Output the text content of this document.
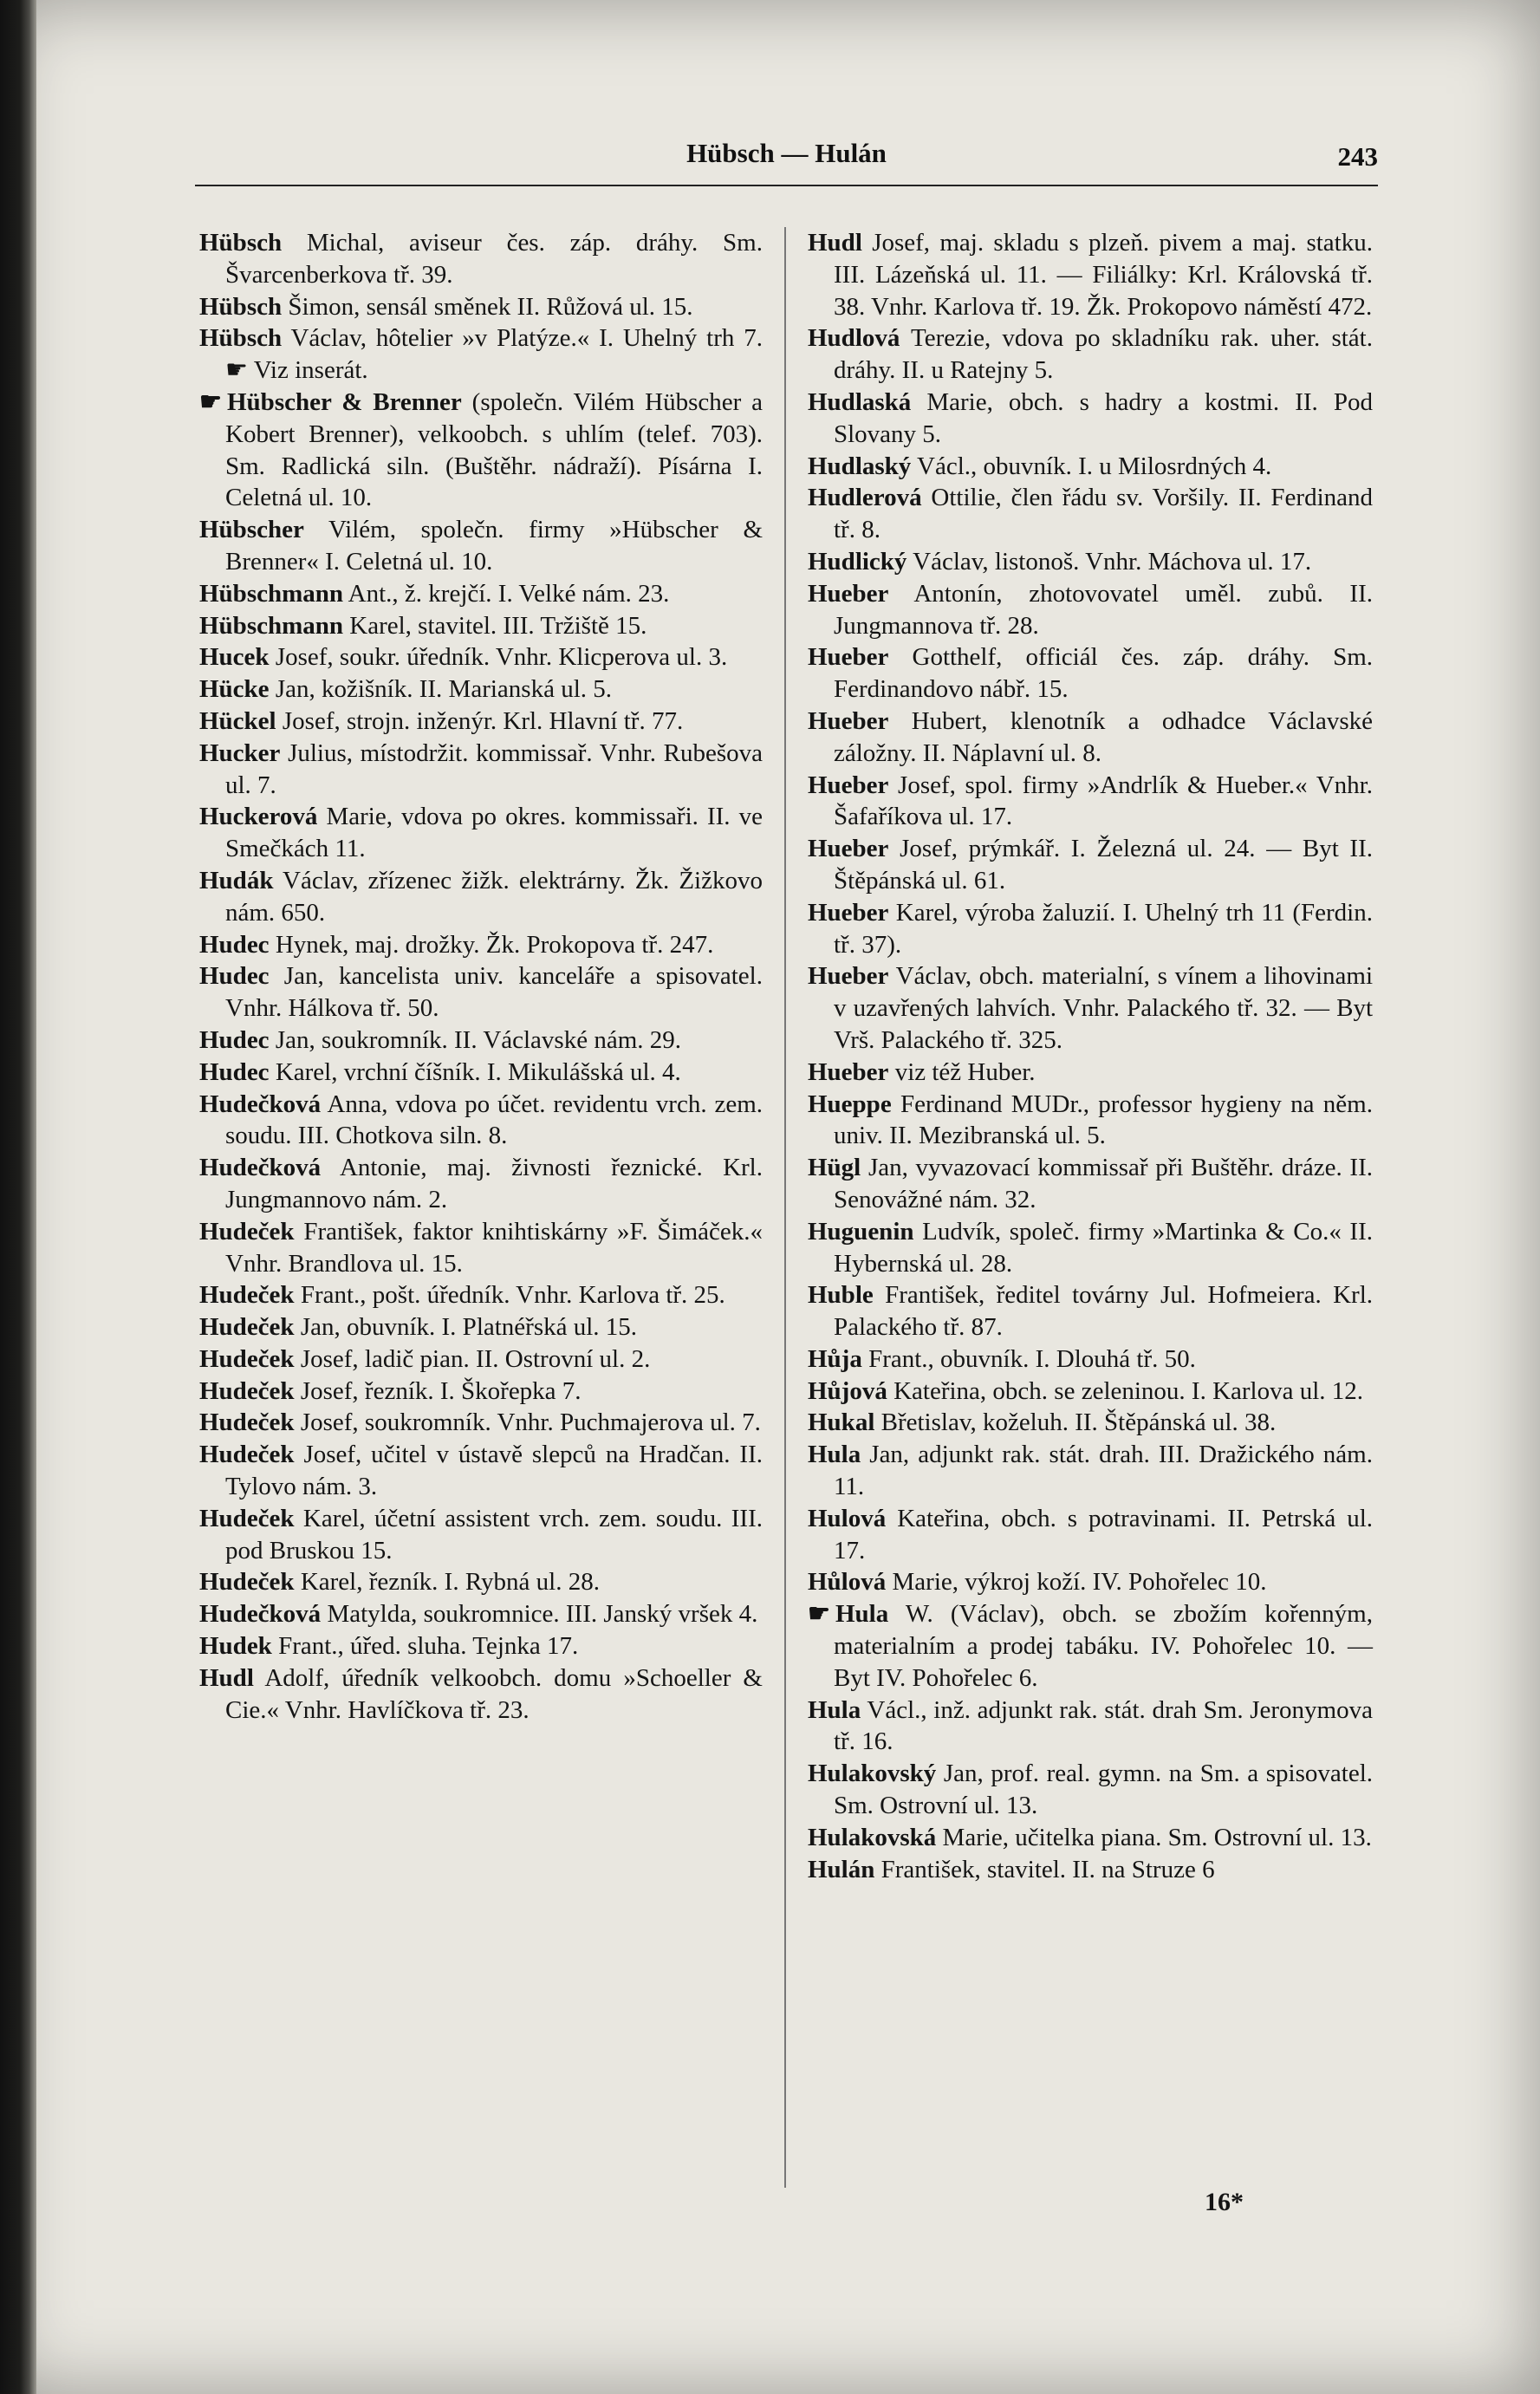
Hübsch — Hulán	243

Hübsch Michal, aviseur čes. záp. dráhy. Sm. Švarcenberkova tř. 39.

Hübsch Šimon, sensál směnek II. Růžová ul. 15.

Hübsch Václav, hôtelier »v Platýze.« I. Uhelný trh 7. ☛ Viz inserát.

☛ Hübscher & Brenner (společn. Vilém Hübscher a Kobert Brenner), velkoobch. s uhlím (telef. 703). Sm. Radlická siln. (Buštěhr. nádraží). Písárna I. Celetná ul. 10.

Hübscher Vilém, společn. firmy »Hübscher & Brenner« I. Celetná ul. 10.

Hübschmann Ant., ž. krejčí. I. Velké nám. 23.

Hübschmann Karel, stavitel. III. Tržiště 15.

Hucek Josef, soukr. úředník. Vnhr. Klicperova ul. 3.

Hücke Jan, kožišník. II. Marianská ul. 5.

Hückel Josef, strojn. inženýr. Krl. Hlavní tř. 77.

Hucker Julius, místodržit. kommissař. Vnhr. Rubešova ul. 7.

Huckerová Marie, vdova po okres. kommissaři. II. ve Smečkách 11.

Hudák Václav, zřízenec žižk. elektrárny. Žk. Žižkovo nám. 650.

Hudec Hynek, maj. drožky. Žk. Prokopova tř. 247.

Hudec Jan, kancelista univ. kanceláře a spisovatel. Vnhr. Hálkova tř. 50.

Hudec Jan, soukromník. II. Václavské nám. 29.

Hudec Karel, vrchní číšník. I. Mikulášská ul. 4.

Hudečková Anna, vdova po účet. revidentu vrch. zem. soudu. III. Chotkova siln. 8.

Hudečková Antonie, maj. živnosti řeznické. Krl. Jungmannovo nám. 2.

Hudeček František, faktor knihtiskárny »F. Šimáček.« Vnhr. Brandlova ul. 15.

Hudeček Frant., pošt. úředník. Vnhr. Karlova tř. 25.

Hudeček Jan, obuvník. I. Platnéřská ul. 15.

Hudeček Josef, ladič pian. II. Ostrovní ul. 2.

Hudeček Josef, řezník. I. Škořepka 7.

Hudeček Josef, soukromník. Vnhr. Puchmajerova ul. 7.

Hudeček Josef, učitel v ústavě slepců na Hradčan. II. Tylovo nám. 3.

Hudeček Karel, účetní assistent vrch. zem. soudu. III. pod Bruskou 15.

Hudeček Karel, řezník. I. Rybná ul. 28.

Hudečková Matylda, soukromnice. III. Janský vršek 4.

Hudek Frant., úřed. sluha. Tejnka 17.

Hudl Adolf, úředník velkoobch. domu »Schoeller & Cie.« Vnhr. Havlíčkova tř. 23.

Hudl Josef, maj. skladu s plzeň. pivem a maj. statku. III. Lázeňská ul. 11. — Filiálky: Krl. Královská tř. 38. Vnhr. Karlova tř. 19. Žk. Prokopovo náměstí 472.

Hudlová Terezie, vdova po skladníku rak. uher. stát. dráhy. II. u Ratejny 5.

Hudlaská Marie, obch. s hadry a kostmi. II. Pod Slovany 5.

Hudlaský Václ., obuvník. I. u Milosrdných 4.

Hudlerová Ottilie, člen řádu sv. Voršily. II. Ferdinand tř. 8.

Hudlický Václav, listonoš. Vnhr. Máchova ul. 17.

Hueber Antonín, zhotovovatel uměl. zubů. II. Jungmannova tř. 28.

Hueber Gotthelf, officiál čes. záp. dráhy. Sm. Ferdinandovo nábř. 15.

Hueber Hubert, klenotník a odhadce Václavské záložny. II. Náplavní ul. 8.

Hueber Josef, spol. firmy »Andrlík & Hueber.« Vnhr. Šafaříkova ul. 17.

Hueber Josef, prýmkář. I. Železná ul. 24. — Byt II. Štěpánská ul. 61.

Hueber Karel, výroba žaluzií. I. Uhelný trh 11 (Ferdin. tř. 37).

Hueber Václav, obch. materialní, s vínem a lihovinami v uzavřených lahvích. Vnhr. Palackého tř. 32. — Byt Vrš. Palackého tř. 325.

Hueber viz též Huber.

Hueppe Ferdinand MUDr., professor hygieny na něm. univ. II. Mezibranská ul. 5.

Hügl Jan, vyvazovací kommissař při Buštěhr. dráze. II. Senovážné nám. 32.

Huguenin Ludvík, společ. firmy »Martinka & Co.« II. Hybernská ul. 28.

Huble František, ředitel továrny Jul. Hofmeiera. Krl. Palackého tř. 87.

Hůja Frant., obuvník. I. Dlouhá tř. 50.

Hůjová Kateřina, obch. se zeleninou. I. Karlova ul. 12.

Hukal Břetislav, koželuh. II. Štěpánská ul. 38.

Hula Jan, adjunkt rak. stát. drah. III. Dražického nám. 11.

Hulová Kateřina, obch. s potravinami. II. Petrská ul. 17.

Hůlová Marie, výkroj koží. IV. Pohořelec 10.

☛ Hula W. (Václav), obch. se zbožím kořenným, materialním a prodej tabáku. IV. Pohořelec 10. — Byt IV. Pohořelec 6.

Hula Václ., inž. adjunkt rak. stát. drah Sm. Jeronymova tř. 16.

Hulakovský Jan, prof. real. gymn. na Sm. a spisovatel. Sm. Ostrovní ul. 13.

Hulakovská Marie, učitelka piana. Sm. Ostrovní ul. 13.

Hulán František, stavitel. II. na Struze 6

16*
